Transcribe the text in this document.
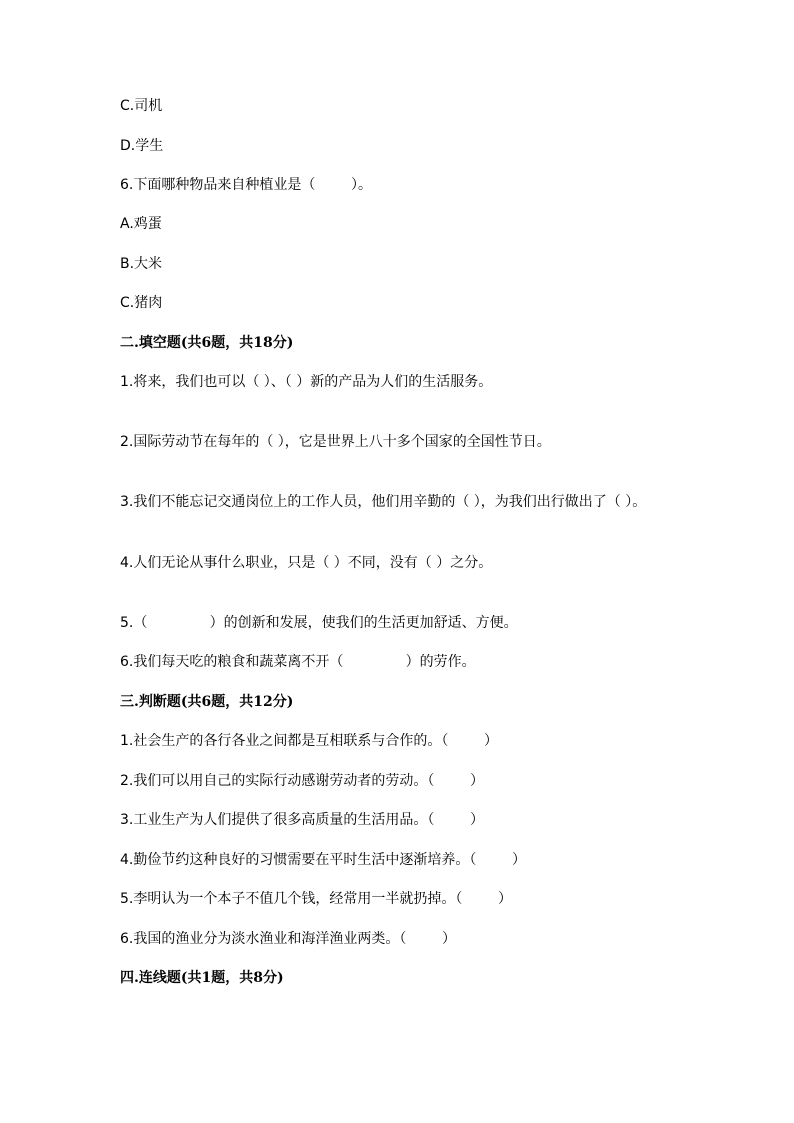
C.司机
D.学生
6.下面哪种物品来自种植业是（        ）。
A.鸡蛋
B.大米
C.猪肉
二.填空题(共6题，共18分)
1.将来，我们也可以（ ）、（ ）新的产品为人们的生活服务。
2.国际劳动节在每年的（ ），它是世界上八十多个国家的全国性节日。
3.我们不能忘记交通岗位上的工作人员，他们用辛勤的（ ），为我们出行做出了（ ）。
4.人们无论从事什么职业，只是（ ）不同，没有（ ）之分。
5.（              ）的创新和发展，使我们的生活更加舒适、方便。
6.我们每天吃的粮食和蔬菜离不开（              ）的劳作。
三.判断题(共6题，共12分)
1.社会生产的各行各业之间都是互相联系与合作的。（        ）
2.我们可以用自己的实际行动感谢劳动者的劳动。（        ）
3.工业生产为人们提供了很多高质量的生活用品。（        ）
4.勤俭节约这种良好的习惯需要在平时生活中逐渐培养。（        ）
5.李明认为一个本子不值几个钱，经常用一半就扔掉。（        ）
6.我国的渔业分为淡水渔业和海洋渔业两类。（        ）
四.连线题(共1题，共8分)
